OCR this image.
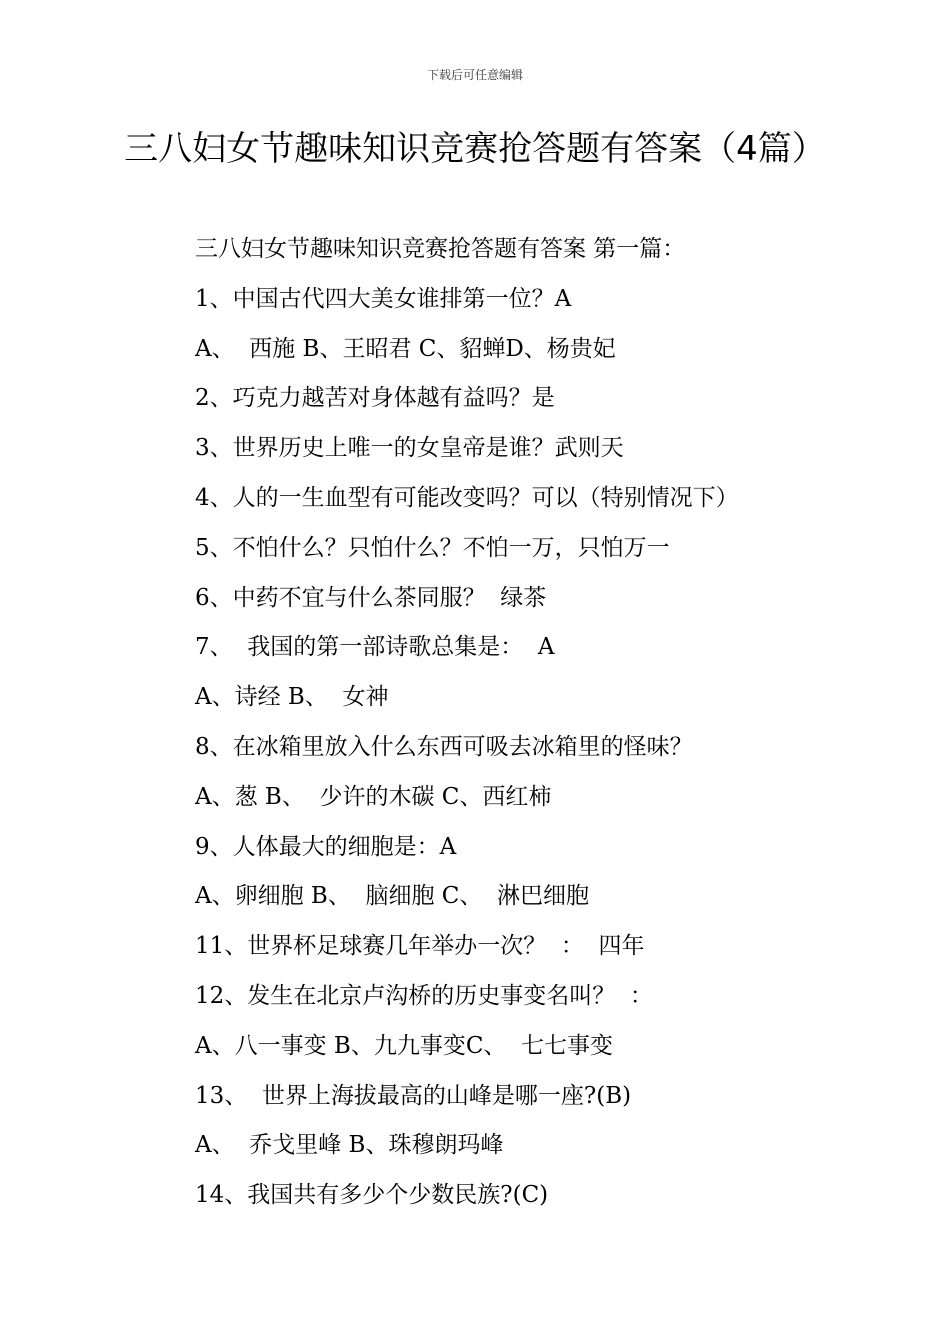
下载后可任意编辑
三八妇女节趣味知识竞赛抢答题有答案（4篇）
三八妇女节趣味知识竞赛抢答题有答案 第一篇：
1、中国古代四大美女谁排第一位？A
A、  西施 B、王昭君 C、貂蝉D、杨贵妃
2、巧克力越苦对身体越有益吗？是
3、世界历史上唯一的女皇帝是谁？武则天
4、人的一生血型有可能改变吗？可以（特别情况下）
5、不怕什么？只怕什么？不怕一万，只怕万一
6、中药不宜与什么茶同服？  绿茶
7、  我国的第一部诗歌总集是：  A
A、诗经 B、  女神
8、在冰箱里放入什么东西可吸去冰箱里的怪味？
A、葱 B、  少许的木碳 C、西红柿
9、人体最大的细胞是：A
A、卵细胞 B、  脑细胞 C、  淋巴细胞
11、世界杯足球赛几年举办一次？  ：  四年
12、发生在北京卢沟桥的历史事变名叫？  ：
A、八一事变 B、九九事变C、  七七事变
13、  世界上海拔最高的山峰是哪一座?(B)
A、  乔戈里峰 B、珠穆朗玛峰
14、我国共有多少个少数民族?(C)
